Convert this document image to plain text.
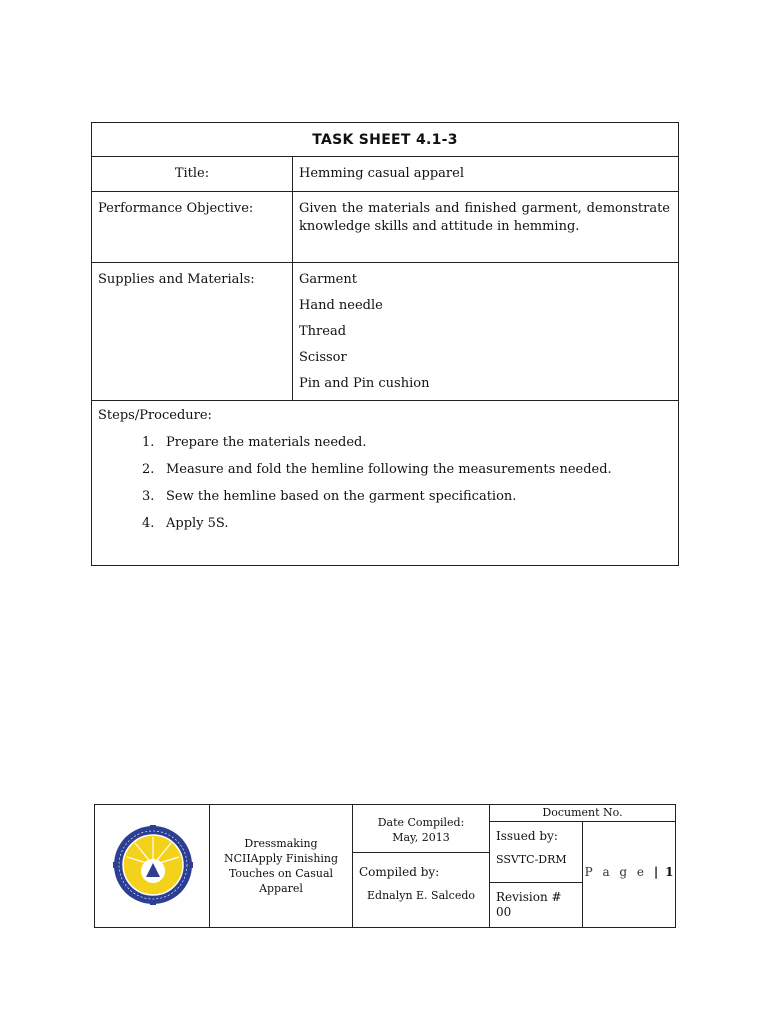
TASK SHEET 4.1-3
Title:	Hemming casual apparel
Performance Objective:	Given the materials and finished garment, demonstrate knowledge skills and attitude in hemming.
Supplies and Materials:	Garment
Hand needle
Thread
Scissor
Pin and Pin cushion
Steps/Procedure:
1. Prepare the materials needed.
2. Measure and fold the hemline following the measurements needed.
3. Sew the hemline based on the garment specification.
4. Apply 5S.
Dressmaking NCIIApply Finishing Touches on Casual Apparel
Date Compiled:
May, 2013
Compiled by:
Ednalyn E. Salcedo
Document No.
Issued by:
SSVTC-DRM
Revision # 00
P a g e | 1
